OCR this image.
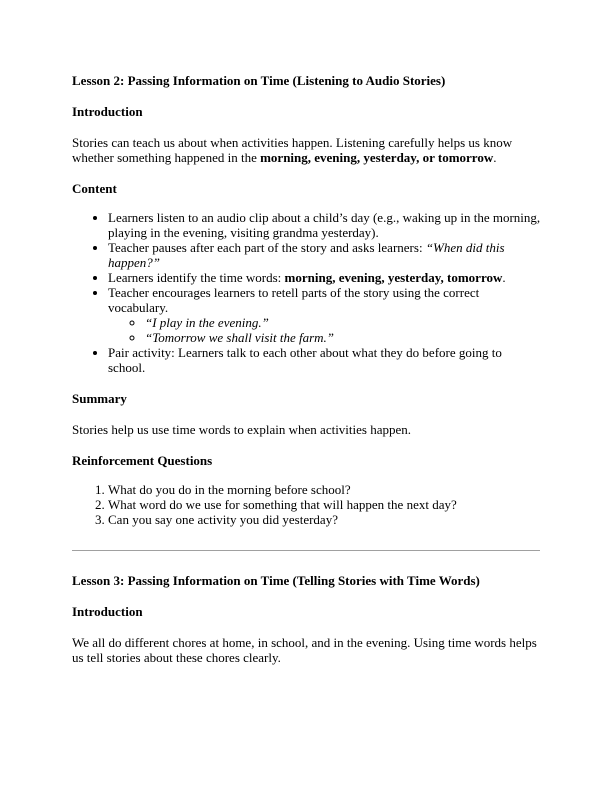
Lesson 2: Passing Information on Time (Listening to Audio Stories)
Introduction

Stories can teach us about when activities happen. Listening carefully helps us know whether something happened in the morning, evening, yesterday, or tomorrow.

Content
• Learners listen to an audio clip about a child’s day (e.g., waking up in the morning, playing in the evening, visiting grandma yesterday).
• Teacher pauses after each part of the story and asks learners: “When did this happen?”
• Learners identify the time words: morning, evening, yesterday, tomorrow.
• Teacher encourages learners to retell parts of the story using the correct vocabulary.
◦ “I play in the evening.”
◦ “Tomorrow we shall visit the farm.”
• Pair activity: Learners talk to each other about what they do before going to school.
Summary

Stories help us use time words to explain when activities happen.

Reinforcement Questions
1. What do you do in the morning before school?
2. What word do we use for something that will happen the next day?
3. Can you say one activity you did yesterday?
Lesson 3: Passing Information on Time (Telling Stories with Time Words)
Introduction

We all do different chores at home, in school, and in the evening. Using time words helps us tell stories about these chores clearly.
